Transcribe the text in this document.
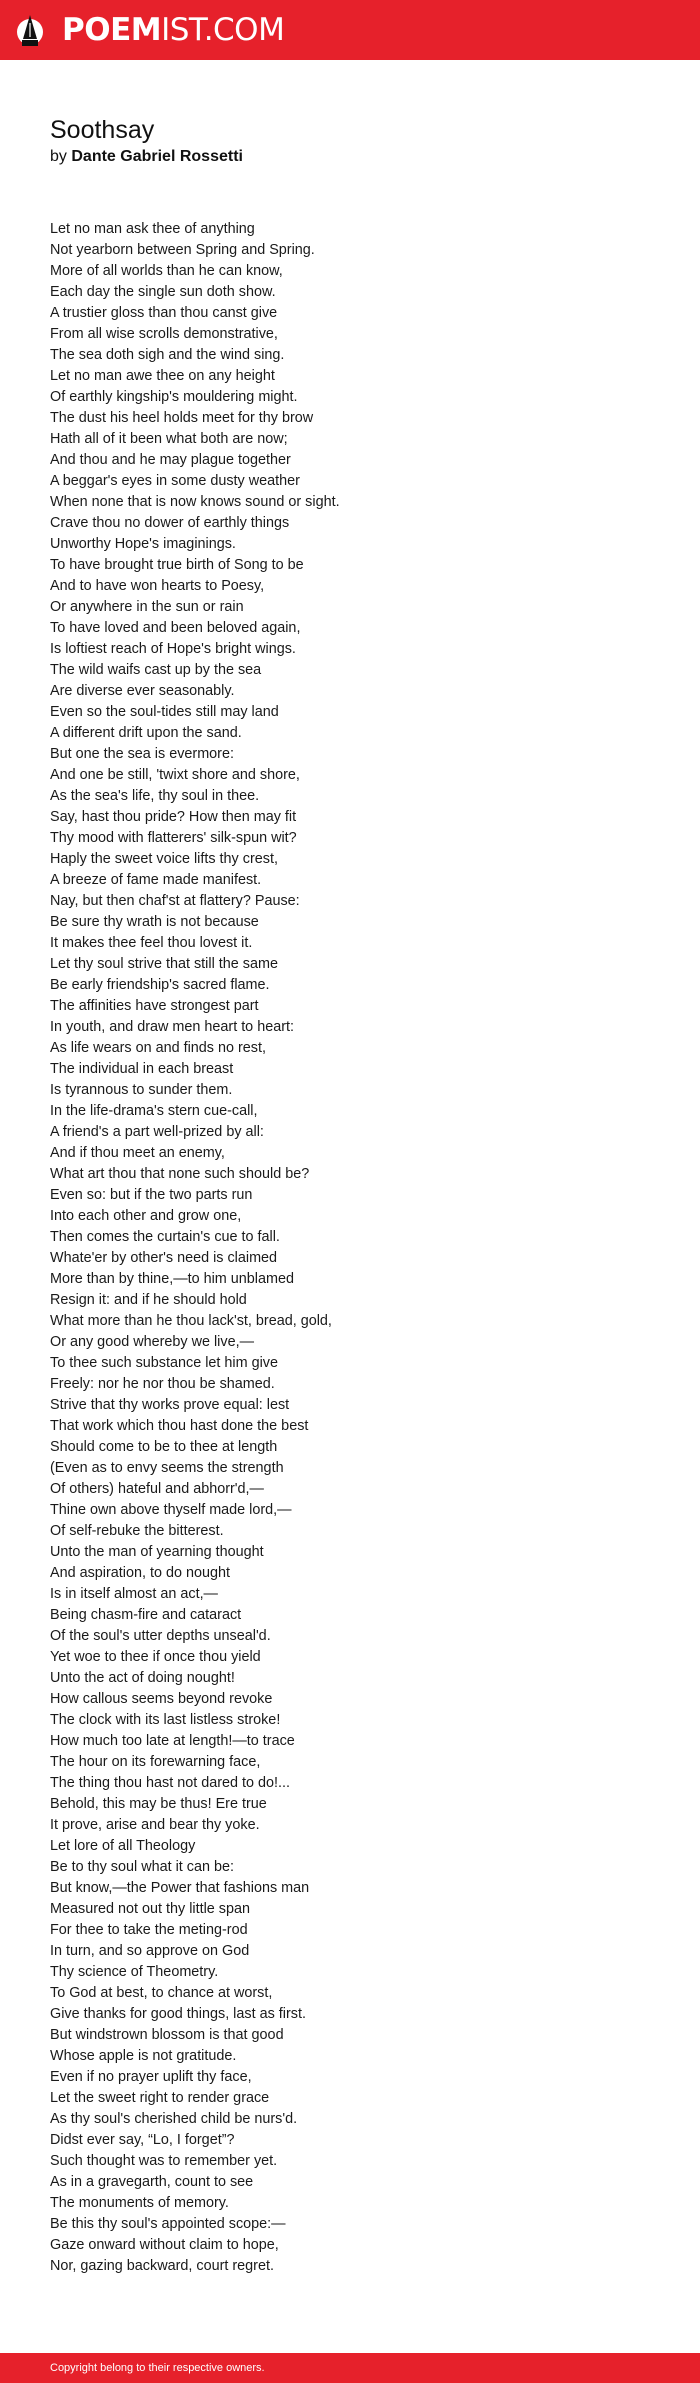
POEMIST.COM
Soothsay
by Dante Gabriel Rossetti
Let no man ask thee of anything
Not yearborn between Spring and Spring.
More of all worlds than he can know,
Each day the single sun doth show.
A trustier gloss than thou canst give
From all wise scrolls demonstrative,
The sea doth sigh and the wind sing.
Let no man awe thee on any height
Of earthly kingship's mouldering might.
The dust his heel holds meet for thy brow
Hath all of it been what both are now;
And thou and he may plague together
A beggar's eyes in some dusty weather
When none that is now knows sound or sight.
Crave thou no dower of earthly things
Unworthy Hope's imaginings.
To have brought true birth of Song to be
And to have won hearts to Poesy,
Or anywhere in the sun or rain
To have loved and been beloved again,
Is loftiest reach of Hope's bright wings.
The wild waifs cast up by the sea
Are diverse ever seasonably.
Even so the soul-tides still may land
A different drift upon the sand.
But one the sea is evermore:
And one be still, 'twixt shore and shore,
As the sea's life, thy soul in thee.
Say, hast thou pride? How then may fit
Thy mood with flatterers' silk-spun wit?
Haply the sweet voice lifts thy crest,
A breeze of fame made manifest.
Nay, but then chaf'st at flattery? Pause:
Be sure thy wrath is not because
It makes thee feel thou lovest it.
Let thy soul strive that still the same
Be early friendship's sacred flame.
The affinities have strongest part
In youth, and draw men heart to heart:
As life wears on and finds no rest,
The individual in each breast
Is tyrannous to sunder them.
In the life-drama's stern cue-call,
A friend's a part well-prized by all:
And if thou meet an enemy,
What art thou that none such should be?
Even so: but if the two parts run
Into each other and grow one,
Then comes the curtain's cue to fall.
Whate'er by other's need is claimed
More than by thine,—to him unblamed
Resign it: and if he should hold
What more than he thou lack'st, bread, gold,
Or any good whereby we live,—
To thee such substance let him give
Freely: nor he nor thou be shamed.
Strive that thy works prove equal: lest
That work which thou hast done the best
Should come to be to thee at length
(Even as to envy seems the strength
Of others) hateful and abhorr'd,—
Thine own above thyself made lord,—
Of self-rebuke the bitterest.
Unto the man of yearning thought
And aspiration, to do nought
Is in itself almost an act,—
Being chasm-fire and cataract
Of the soul's utter depths unseal'd.
Yet woe to thee if once thou yield
Unto the act of doing nought!
How callous seems beyond revoke
The clock with its last listless stroke!
How much too late at length!—to trace
The hour on its forewarning face,
The thing thou hast not dared to do!...
Behold, this may be thus! Ere true
It prove, arise and bear thy yoke.
Let lore of all Theology
Be to thy soul what it can be:
But know,—the Power that fashions man
Measured not out thy little span
For thee to take the meting-rod
In turn, and so approve on God
Thy science of Theometry.
To God at best, to chance at worst,
Give thanks for good things, last as first.
But windstrown blossom is that good
Whose apple is not gratitude.
Even if no prayer uplift thy face,
Let the sweet right to render grace
As thy soul's cherished child be nurs'd.
Didst ever say, “Lo, I forget”?
Such thought was to remember yet.
As in a gravegarth, count to see
The monuments of memory.
Be this thy soul's appointed scope:—
Gaze onward without claim to hope,
Nor, gazing backward, court regret.
Copyright belong to their respective owners.
